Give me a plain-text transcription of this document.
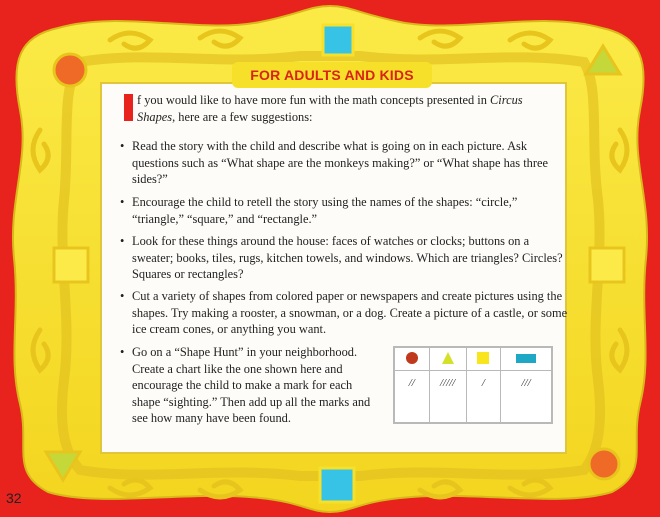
FOR ADULTS AND KIDS
f you would like to have more fun with the math concepts presented in Circus Shapes, here are a few suggestions:
• Read the story with the child and describe what is going on in each picture. Ask questions such as “What shape are the monkeys making?” or “What shape has three sides?”
• Encourage the child to retell the story using the names of the shapes: “circle,” “triangle,” “square,” and “rectangle.”
• Look for these things around the house: faces of watches or clocks; buttons on a sweater; books, tiles, rugs, kitchen towels, and windows. Which are triangles? Circles? Squares or rectangles?
• Cut a variety of shapes from colored paper or newspapers and create pictures using the shapes. Try making a rooster, a snowman, or a dog. Create a picture of a castle, or some ice cream cones, or anything you want.
• Go on a “Shape Hunt” in your neighborhood. Create a chart like the one shown here and encourage the child to make a mark for each shape “sighting.” Then add up all the marks and see how many have been found.

//	/////	/	///
32
